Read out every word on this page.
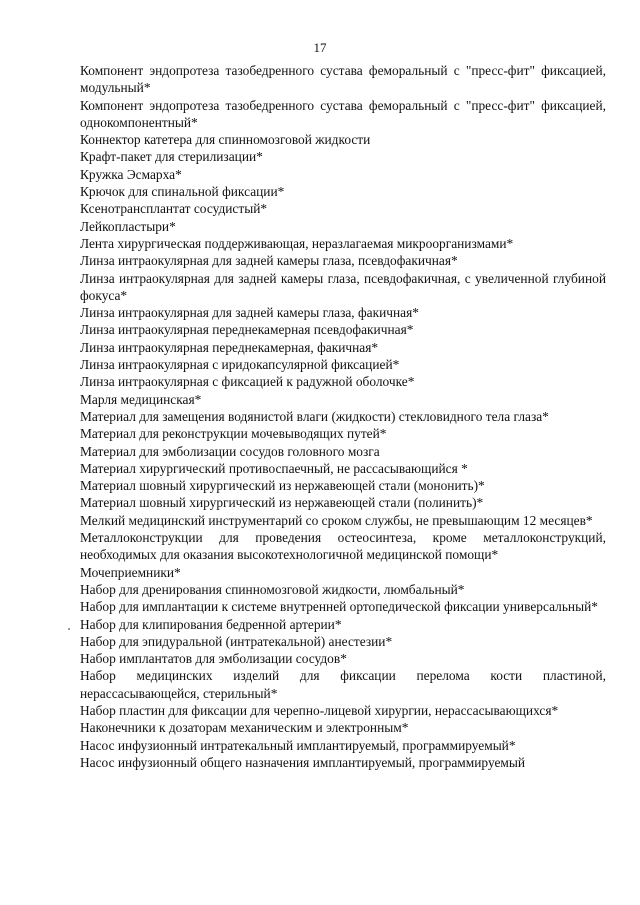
17

Компонент эндопротеза тазобедренного сустава феморальный с "пресс-фит" фиксацией, модульный*

Компонент эндопротеза тазобедренного сустава феморальный с "пресс-фит" фиксацией, однокомпонентный*

Коннектор катетера для спинномозговой жидкости

Крафт-пакет для стерилизации*

Кружка Эсмарха*

Крючок для спинальной фиксации*

Ксенотрансплантат сосудистый*

Лейкопластыри*

Лента хирургическая поддерживающая, неразлагаемая микроорганизмами*

Линза интраокулярная для задней камеры глаза, псевдофакичная*

Линза интраокулярная для задней камеры глаза, псевдофакичная, с увеличенной глубиной фокуса*

Линза интраокулярная для задней камеры глаза, факичная*

Линза интраокулярная переднекамерная псевдофакичная*

Линза интраокулярная переднекамерная, факичная*

Линза интраокулярная с иридокапсулярной фиксацией*

Линза интраокулярная с фиксацией к радужной оболочке*

Марля медицинская*

Материал для замещения водянистой влаги (жидкости) стекловидного тела глаза*

Материал для реконструкции мочевыводящих путей*

Материал для эмболизации сосудов головного мозга

Материал хирургический противоспаечный, не рассасывающийся *

Материал шовный хирургический из нержавеющей стали (мононить)*

Материал шовный хирургический из нержавеющей стали (полинить)*

Мелкий медицинский инструментарий со сроком службы, не превышающим 12 месяцев*

Металлоконструкции для проведения остеосинтеза, кроме металлоконструкций, необходимых для оказания высокотехнологичной медицинской помощи*

Мочеприемники*

Набор для дренирования спинномозговой жидкости, люмбальный*

Набор для имплантации к системе внутренней ортопедической фиксации универсальный*

Набор для клипирования бедренной артерии*

Набор для эпидуральной (интратекальной) анестезии*

Набор имплантатов для эмболизации сосудов*

Набор медицинских изделий для фиксации перелома кости пластиной, нерассасывающейся, стерильный*

Набор пластин для фиксации для черепно-лицевой хирургии, нерассасывающихся*

Наконечники к дозаторам механическим и электронным*

Насос инфузионный интратекальный имплантируемый, программируемый*

Насос инфузионный общего назначения имплантируемый, программируемый
